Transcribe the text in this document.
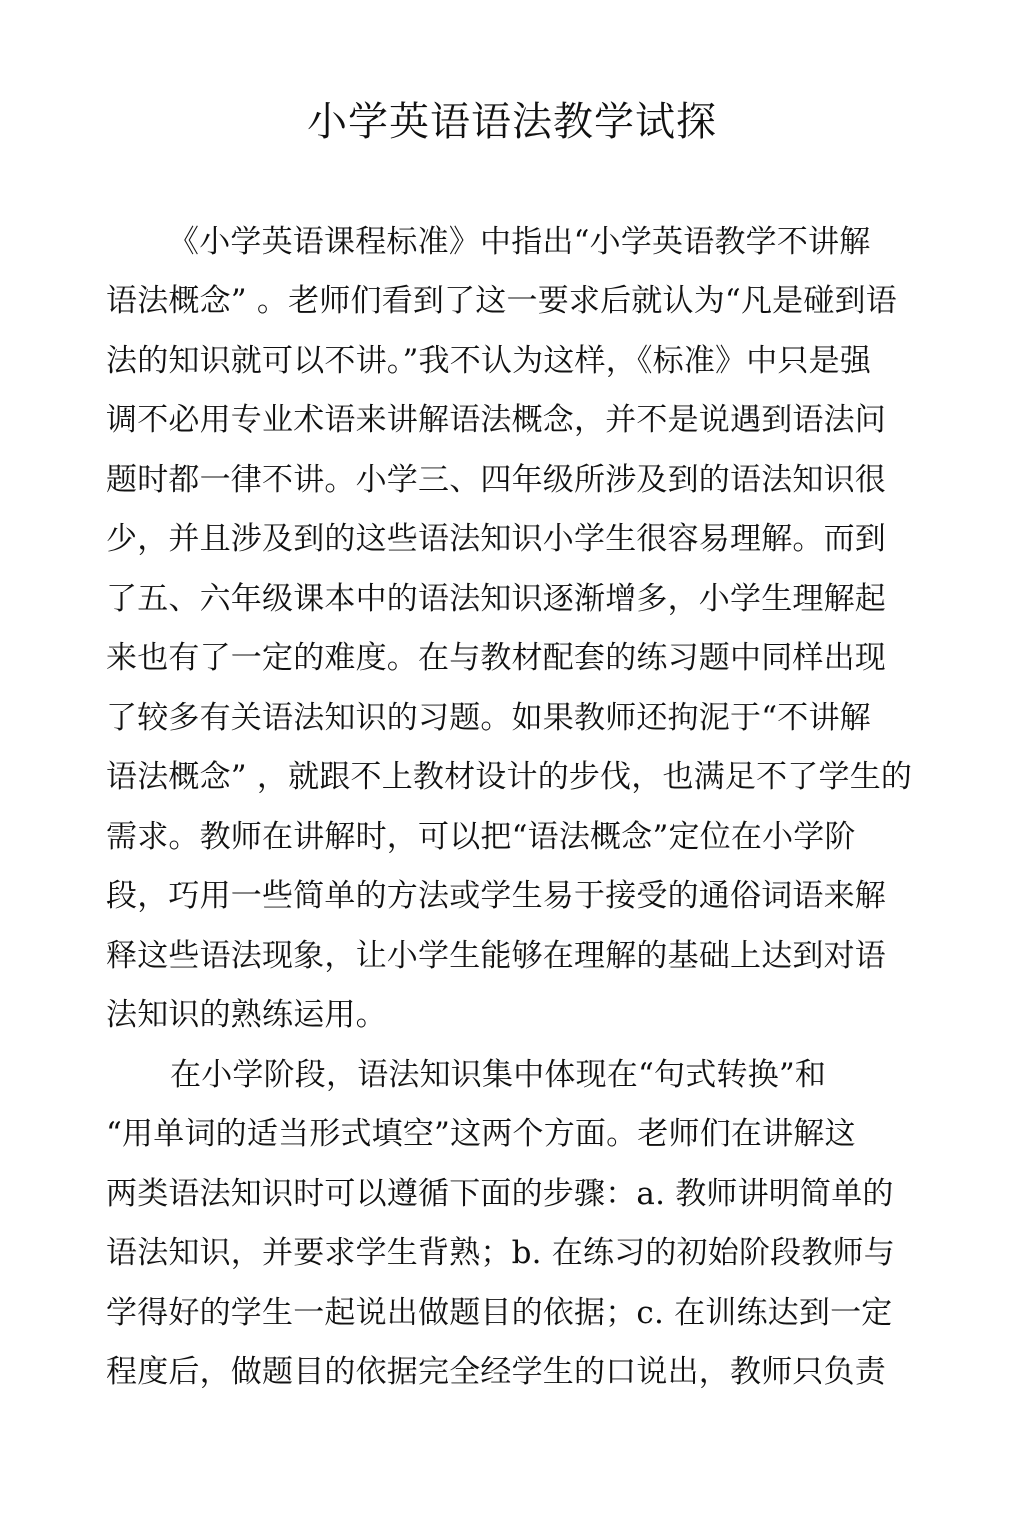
小学英语语法教学试探
《小学英语课程标准》中指出“小学英语教学不讲解
语法概念” 。老师们看到了这一要求后就认为“凡是碰到语
法的知识就可以不讲。”我不认为这样，《标准》中只是强
调不必用专业术语来讲解语法概念，并不是说遇到语法问
题时都一律不讲。小学三、四年级所涉及到的语法知识很
少，并且涉及到的这些语法知识小学生很容易理解。而到
了五、六年级课本中的语法知识逐渐增多，小学生理解起
来也有了一定的难度。在与教材配套的练习题中同样出现
了较多有关语法知识的习题。如果教师还拘泥于“不讲解
语法概念” ，就跟不上教材设计的步伐，也满足不了学生的
需求。教师在讲解时，可以把“语法概念”定位在小学阶
段，巧用一些简单的方法或学生易于接受的通俗词语来解
释这些语法现象，让小学生能够在理解的基础上达到对语
法知识的熟练运用。
在小学阶段，语法知识集中体现在“句式转换”和
“用单词的适当形式填空”这两个方面。老师们在讲解这
两类语法知识时可以遵循下面的步骤：a. 教师讲明简单的
语法知识，并要求学生背熟；b. 在练习的初始阶段教师与
学得好的学生一起说出做题目的依据；c. 在训练达到一定
程度后，做题目的依据完全经学生的口说出，教师只负责
